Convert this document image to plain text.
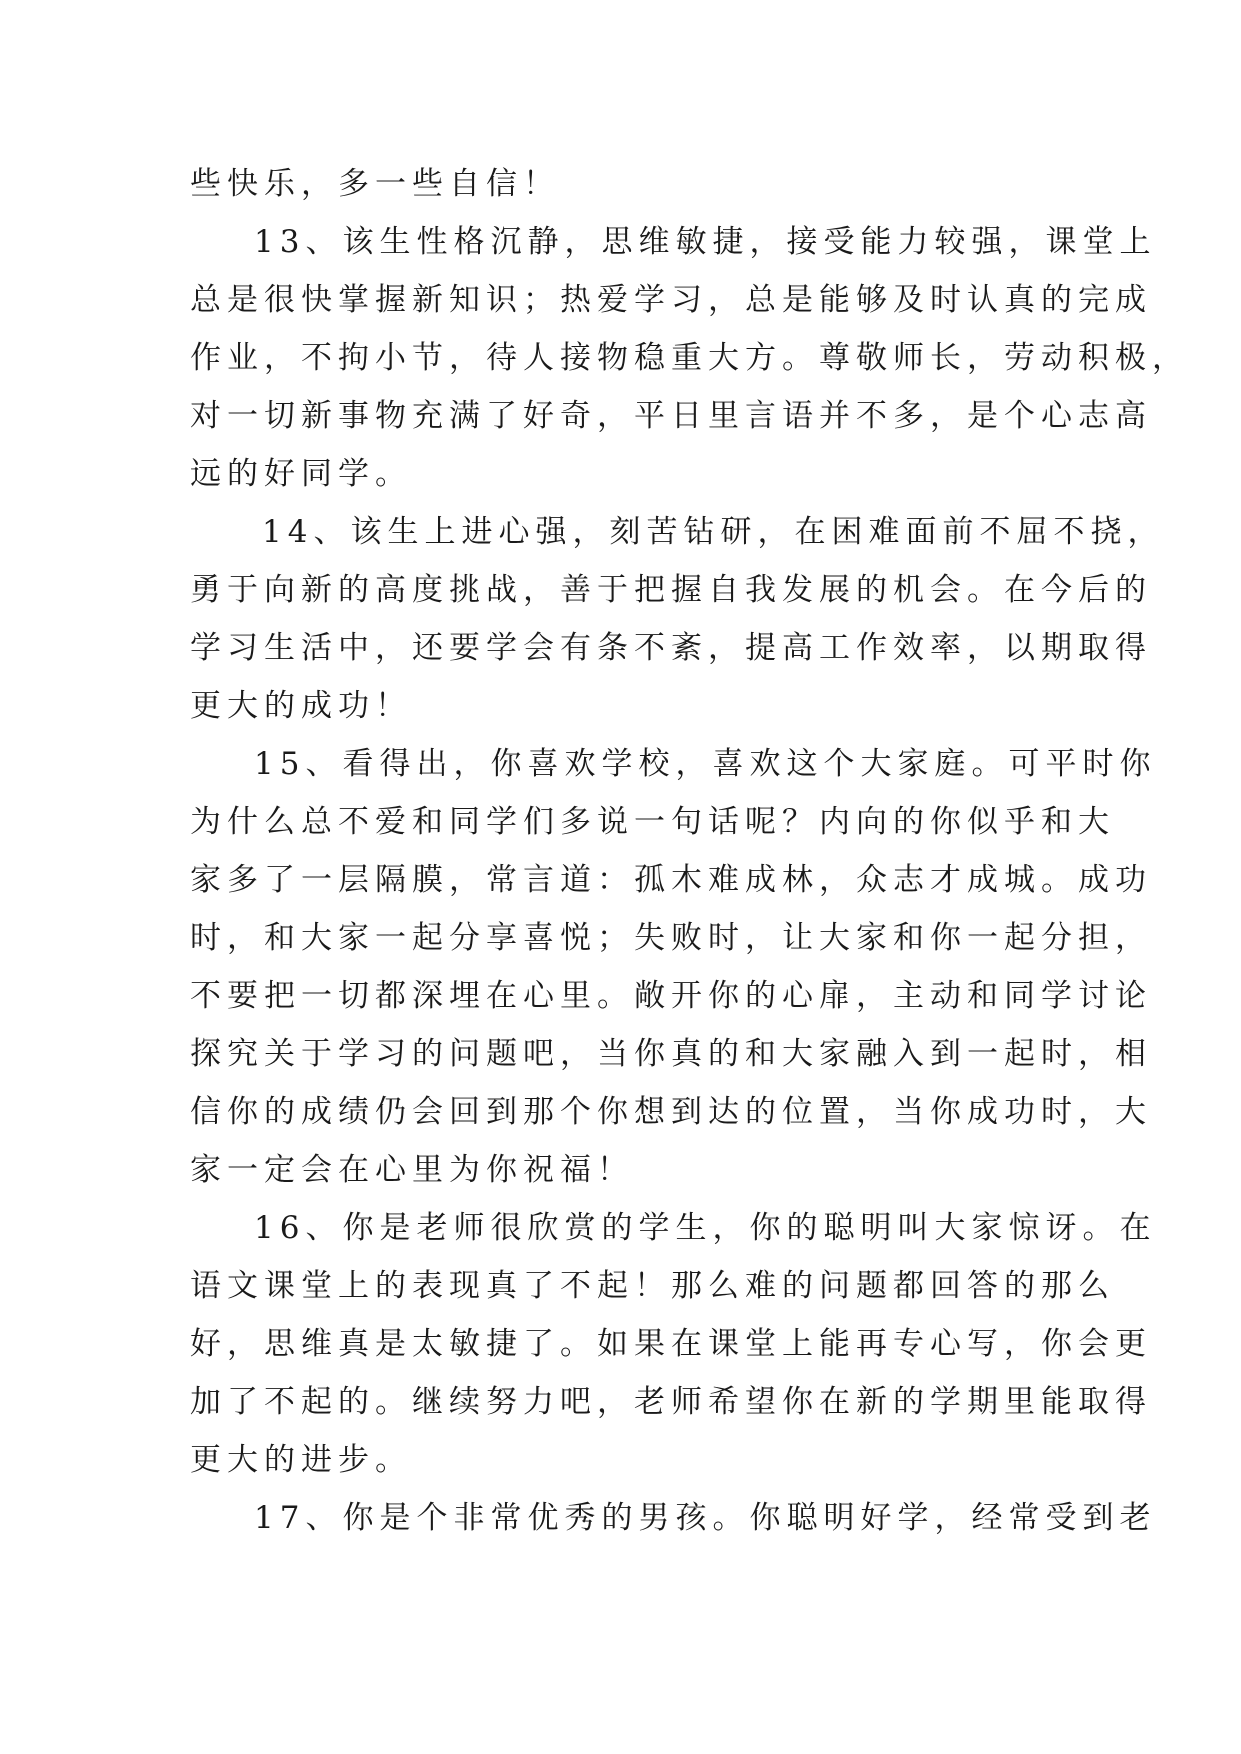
些快乐，多一些自信！
13、该生性格沉静，思维敏捷，接受能力较强，课堂上
总是很快掌握新知识；热爱学习，总是能够及时认真的完成
作业，不拘小节，待人接物稳重大方。尊敬师长，劳动积极，
对一切新事物充满了好奇，平日里言语并不多，是个心志高
远的好同学。
14、该生上进心强，刻苦钻研，在困难面前不屈不挠，
勇于向新的高度挑战，善于把握自我发展的机会。在今后的
学习生活中，还要学会有条不紊，提高工作效率，以期取得
更大的成功！
15、看得出，你喜欢学校，喜欢这个大家庭。可平时你
为什么总不爱和同学们多说一句话呢？内向的你似乎和大
家多了一层隔膜，常言道：孤木难成林，众志才成城。成功
时，和大家一起分享喜悦；失败时，让大家和你一起分担，
不要把一切都深埋在心里。敞开你的心扉，主动和同学讨论
探究关于学习的问题吧，当你真的和大家融入到一起时，相
信你的成绩仍会回到那个你想到达的位置，当你成功时，大
家一定会在心里为你祝福！
16、你是老师很欣赏的学生，你的聪明叫大家惊讶。在
语文课堂上的表现真了不起！那么难的问题都回答的那么
好，思维真是太敏捷了。如果在课堂上能再专心写，你会更
加了不起的。继续努力吧，老师希望你在新的学期里能取得
更大的进步。
17、你是个非常优秀的男孩。你聪明好学，经常受到老
